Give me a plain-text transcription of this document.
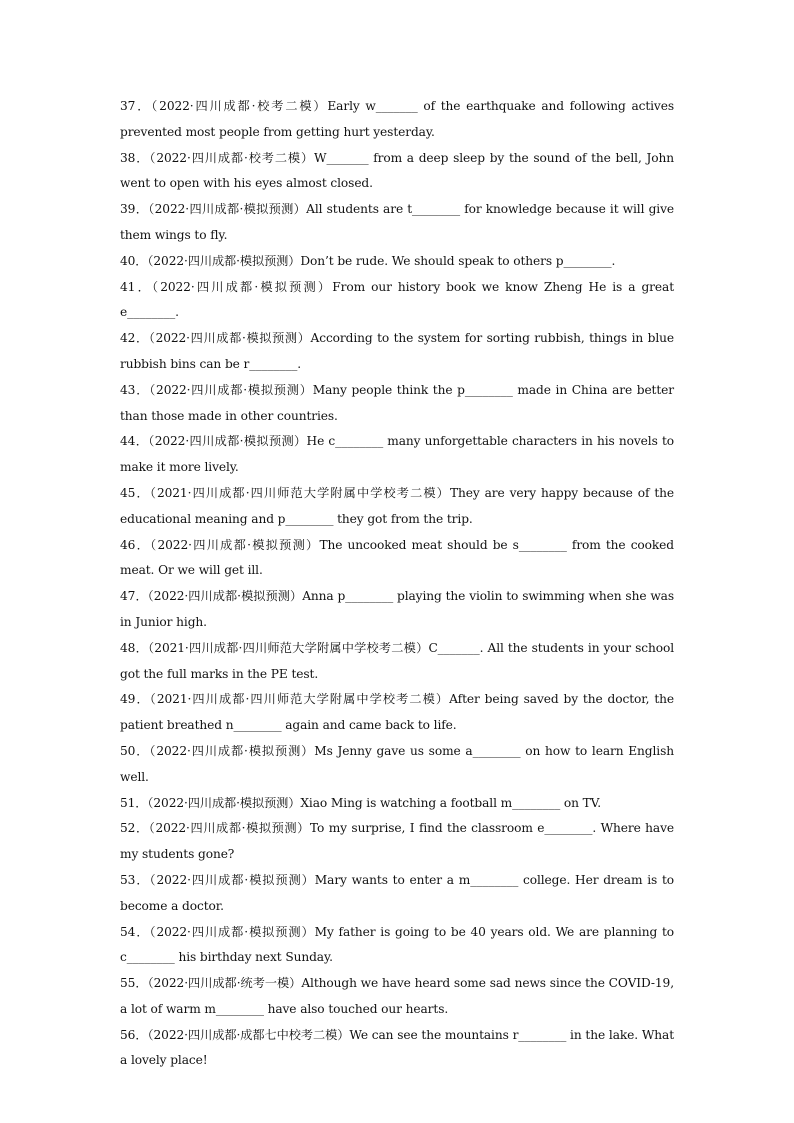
37．（2022·四川成都·校考二模）Early w_______ of the earthquake and following actives prevented most people from getting hurt yesterday.
38．（2022·四川成都·校考二模）W_______ from a deep sleep by the sound of the bell, John went to open with his eyes almost closed.
39．（2022·四川成都·模拟预测）All students are t________ for knowledge because it will give them wings to fly.
40．（2022·四川成都·模拟预测）Don’t be rude. We should speak to others p________.
41．（2022·四川成都·模拟预测）From our history book we know Zheng He is a great e________.
42．（2022·四川成都·模拟预测）According to the system for sorting rubbish, things in blue rubbish bins can be r________.
43．（2022·四川成都·模拟预测）Many people think the p________ made in China are better than those made in other countries.
44．（2022·四川成都·模拟预测）He c________ many unforgettable characters in his novels to make it more lively.
45．（2021·四川成都·四川师范大学附属中学校考二模）They are very happy because of the educational meaning and p________ they got from the trip.
46．（2022·四川成都·模拟预测）The uncooked meat should be s________ from the cooked meat. Or we will get ill.
47．（2022·四川成都·模拟预测）Anna p________ playing the violin to swimming when she was in Junior high.
48．（2021·四川成都·四川师范大学附属中学校考二模）C_______. All the students in your school got the full marks in the PE test.
49．（2021·四川成都·四川师范大学附属中学校考二模）After being saved by the doctor, the patient breathed n________ again and came back to life.
50．（2022·四川成都·模拟预测）Ms Jenny gave us some a________ on how to learn English well.
51．（2022·四川成都·模拟预测）Xiao Ming is watching a football m________ on TV.
52．（2022·四川成都·模拟预测）To my surprise, I find the classroom e________. Where have my students gone?
53．（2022·四川成都·模拟预测）Mary wants to enter a m________ college. Her dream is to become a doctor.
54．（2022·四川成都·模拟预测）My father is going to be 40 years old. We are planning to c________ his birthday next Sunday.
55．（2022·四川成都·统考一模）Although we have heard some sad news since the COVID-19, a lot of warm m________ have also touched our hearts.
56．（2022·四川成都·成都七中校考二模）We can see the mountains r________ in the lake. What a lovely place!
